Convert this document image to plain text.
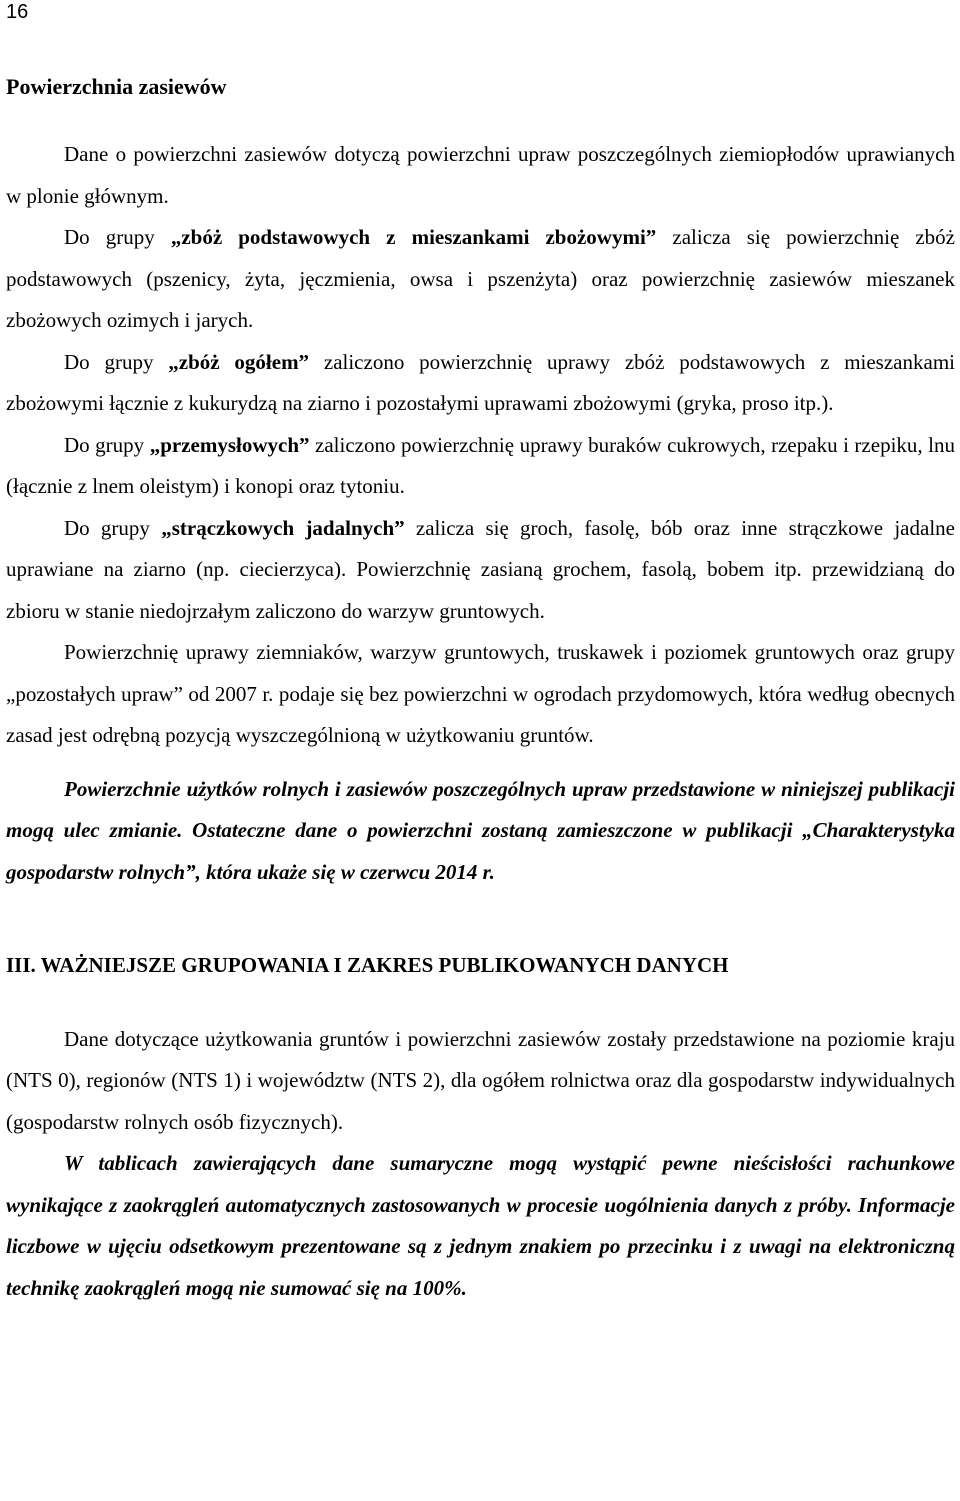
16
Powierzchnia zasiewów

Dane o powierzchni zasiewów dotyczą powierzchni upraw poszczególnych ziemiopłodów uprawianych w plonie głównym.

Do grupy „zbóż podstawowych z mieszankami zbożowymi” zalicza się powierzchnię zbóż podstawowych (pszenicy, żyta, jęczmienia, owsa i pszenżyta) oraz powierzchnię zasiewów mieszanek zbożowych ozimych i jarych.

Do grupy „zbóż ogółem” zaliczono powierzchnię uprawy zbóż podstawowych z mieszankami zbożowymi łącznie z kukurydzą na ziarno i pozostałymi uprawami zbożowymi (gryka, proso itp.).

Do grupy „przemysłowych” zaliczono powierzchnię uprawy buraków cukrowych, rzepaku i rzepiku, lnu (łącznie z lnem oleistym) i konopi oraz tytoniu.

Do grupy „strączkowych jadalnych” zalicza się groch, fasolę, bób oraz inne strączkowe jadalne uprawiane na ziarno (np. ciecierzyca). Powierzchnię zasianą grochem, fasolą, bobem itp. przewidzianą do zbioru w stanie niedojrzałym zaliczono do warzyw gruntowych.

Powierzchnię uprawy ziemniaków, warzyw gruntowych, truskawek i poziomek gruntowych oraz grupy „pozostałych upraw” od 2007 r. podaje się bez powierzchni w ogrodach przydomowych, która według obecnych zasad jest odrębną pozycją wyszczególnioną w użytkowaniu gruntów.

Powierzchnie użytków rolnych i zasiewów poszczególnych upraw przedstawione w niniejszej publikacji mogą ulec zmianie. Ostateczne dane o powierzchni zostaną zamieszczone w publikacji „Charakterystyka gospodarstw rolnych”, która ukaże się w czerwcu 2014 r.

III. WAŻNIEJSZE GRUPOWANIA I ZAKRES PUBLIKOWANYCH DANYCH

Dane dotyczące użytkowania gruntów i powierzchni zasiewów zostały przedstawione na poziomie kraju (NTS 0), regionów (NTS 1) i województw (NTS 2), dla ogółem rolnictwa oraz dla gospodarstw indywidualnych (gospodarstw rolnych osób fizycznych).

W tablicach zawierających dane sumaryczne mogą wystąpić pewne nieścisłości rachunkowe wynikające z zaokrągleń automatycznych zastosowanych w procesie uogólnienia danych z próby. Informacje liczbowe w ujęciu odsetkowym prezentowane są z jednym znakiem po przecinku i z uwagi na elektroniczną technikę zaokrągleń mogą nie sumować się na 100%.
